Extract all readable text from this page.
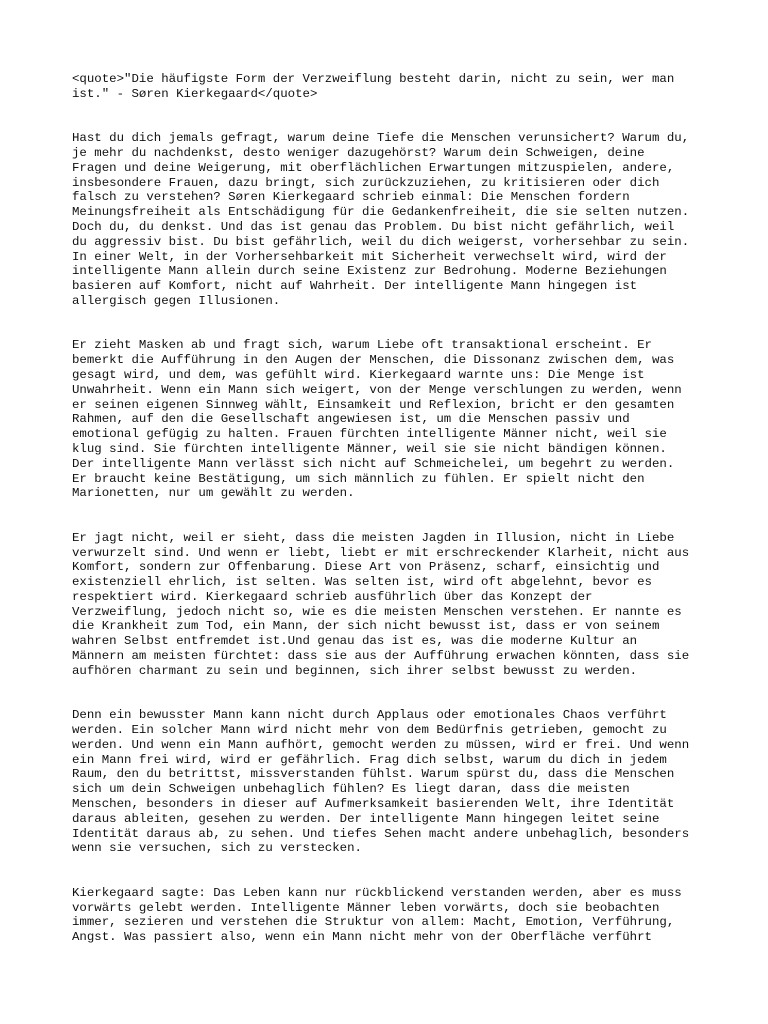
<quote>"Die häufigste Form der Verzweiflung besteht darin, nicht zu sein, wer man
ist." - Søren Kierkegaard</quote>

Hast du dich jemals gefragt, warum deine Tiefe die Menschen verunsichert? Warum du,
je mehr du nachdenkst, desto weniger dazugehörst? Warum dein Schweigen, deine
Fragen und deine Weigerung, mit oberflächlichen Erwartungen mitzuspielen, andere,
insbesondere Frauen, dazu bringt, sich zurückzuziehen, zu kritisieren oder dich
falsch zu verstehen? Søren Kierkegaard schrieb einmal: Die Menschen fordern
Meinungsfreiheit als Entschädigung für die Gedankenfreiheit, die sie selten nutzen.
Doch du, du denkst. Und das ist genau das Problem. Du bist nicht gefährlich, weil
du aggressiv bist. Du bist gefährlich, weil du dich weigerst, vorhersehbar zu sein.
In einer Welt, in der Vorhersehbarkeit mit Sicherheit verwechselt wird, wird der
intelligente Mann allein durch seine Existenz zur Bedrohung. Moderne Beziehungen
basieren auf Komfort, nicht auf Wahrheit. Der intelligente Mann hingegen ist
allergisch gegen Illusionen.

Er zieht Masken ab und fragt sich, warum Liebe oft transaktional erscheint. Er
bemerkt die Aufführung in den Augen der Menschen, die Dissonanz zwischen dem, was
gesagt wird, und dem, was gefühlt wird. Kierkegaard warnte uns: Die Menge ist
Unwahrheit. Wenn ein Mann sich weigert, von der Menge verschlungen zu werden, wenn
er seinen eigenen Sinnweg wählt, Einsamkeit und Reflexion, bricht er den gesamten
Rahmen, auf den die Gesellschaft angewiesen ist, um die Menschen passiv und
emotional gefügig zu halten. Frauen fürchten intelligente Männer nicht, weil sie
klug sind. Sie fürchten intelligente Männer, weil sie sie nicht bändigen können.
Der intelligente Mann verlässt sich nicht auf Schmeichelei, um begehrt zu werden.
Er braucht keine Bestätigung, um sich männlich zu fühlen. Er spielt nicht den
Marionetten, nur um gewählt zu werden.

Er jagt nicht, weil er sieht, dass die meisten Jagden in Illusion, nicht in Liebe
verwurzelt sind. Und wenn er liebt, liebt er mit erschreckender Klarheit, nicht aus
Komfort, sondern zur Offenbarung. Diese Art von Präsenz, scharf, einsichtig und
existenziell ehrlich, ist selten. Was selten ist, wird oft abgelehnt, bevor es
respektiert wird. Kierkegaard schrieb ausführlich über das Konzept der
Verzweiflung, jedoch nicht so, wie es die meisten Menschen verstehen. Er nannte es
die Krankheit zum Tod, ein Mann, der sich nicht bewusst ist, dass er von seinem
wahren Selbst entfremdet ist.Und genau das ist es, was die moderne Kultur an
Männern am meisten fürchtet: dass sie aus der Aufführung erwachen könnten, dass sie
aufhören charmant zu sein und beginnen, sich ihrer selbst bewusst zu werden.

Denn ein bewusster Mann kann nicht durch Applaus oder emotionales Chaos verführt
werden. Ein solcher Mann wird nicht mehr von dem Bedürfnis getrieben, gemocht zu
werden. Und wenn ein Mann aufhört, gemocht werden zu müssen, wird er frei. Und wenn
ein Mann frei wird, wird er gefährlich. Frag dich selbst, warum du dich in jedem
Raum, den du betrittst, missverstanden fühlst. Warum spürst du, dass die Menschen
sich um dein Schweigen unbehaglich fühlen? Es liegt daran, dass die meisten
Menschen, besonders in dieser auf Aufmerksamkeit basierenden Welt, ihre Identität
daraus ableiten, gesehen zu werden. Der intelligente Mann hingegen leitet seine
Identität daraus ab, zu sehen. Und tiefes Sehen macht andere unbehaglich, besonders
wenn sie versuchen, sich zu verstecken.

Kierkegaard sagte: Das Leben kann nur rückblickend verstanden werden, aber es muss
vorwärts gelebt werden. Intelligente Männer leben vorwärts, doch sie beobachten
immer, sezieren und verstehen die Struktur von allem: Macht, Emotion, Verführung,
Angst. Was passiert also, wenn ein Mann nicht mehr von der Oberfläche verführt
